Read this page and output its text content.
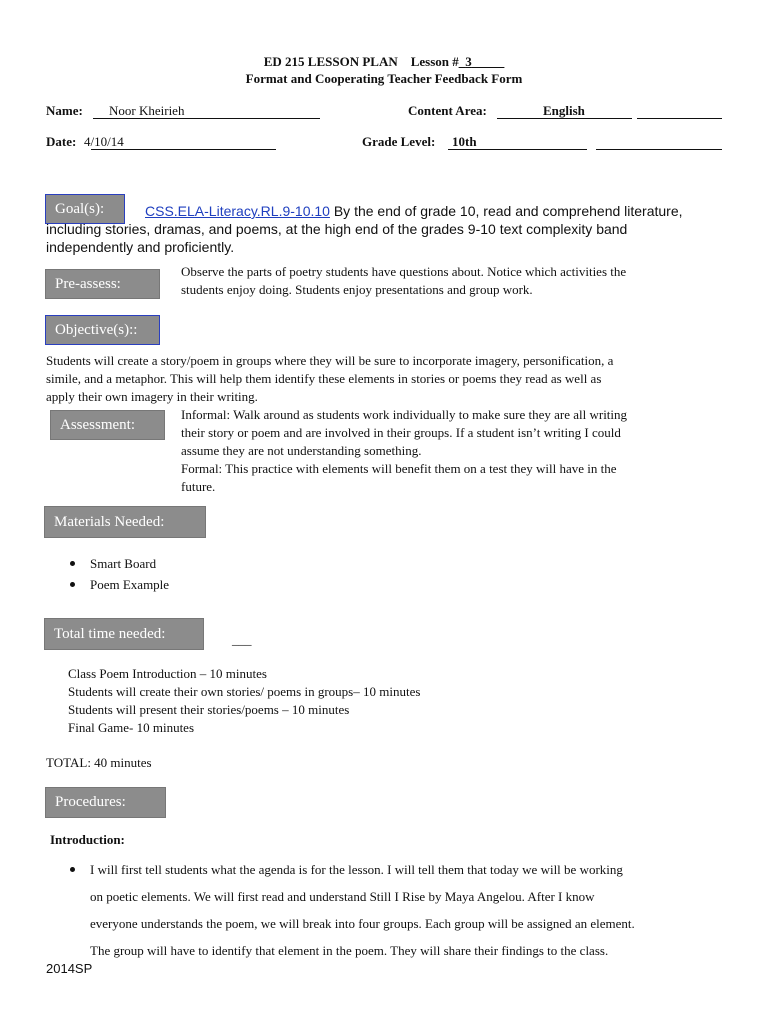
ED 215 LESSON PLAN Lesson #_3_____
Format and Cooperating Teacher Feedback Form
Name: Noor Kheirieh	Content Area:	English
Date: 4/10/14	Grade Level: 10th
Goal(s):	CSS.ELA-Literacy.RL.9-10.10 By the end of grade 10, read and comprehend literature,
including stories, dramas, and poems, at the high end of the grades 9-10 text complexity band
independently and proficiently.
Pre-assess:
Observe the parts of poetry students have questions about. Notice which activities the
students enjoy doing. Students enjoy presentations and group work.
Objective(s)::
Students will create a story/poem in groups where they will be sure to incorporate imagery, personification, a
simile, and a metaphor. This will help them identify these elements in stories or poems they read as well as
apply their own imagery in their writing.
Assessment:
Informal: Walk around as students work individually to make sure they are all writing
their story or poem and are involved in their groups. If a student isn’t writing I could
assume they are not understanding something.
Formal: This practice with elements will benefit them on a test they will have in the
future.
Materials Needed:
Smart Board
Poem Example
Total time needed:	___
Class Poem Introduction – 10 minutes
Students will create their own stories/ poems in groups– 10 minutes
Students will present their stories/poems – 10 minutes
Final Game- 10 minutes
TOTAL: 40 minutes
Procedures:
Introduction:
I will first tell students what the agenda is for the lesson. I will tell them that today we will be working
on poetic elements. We will first read and understand Still I Rise by Maya Angelou. After I know
everyone understands the poem, we will break into four groups. Each group will be assigned an element.
The group will have to identify that element in the poem. They will share their findings to the class.
2014SP
